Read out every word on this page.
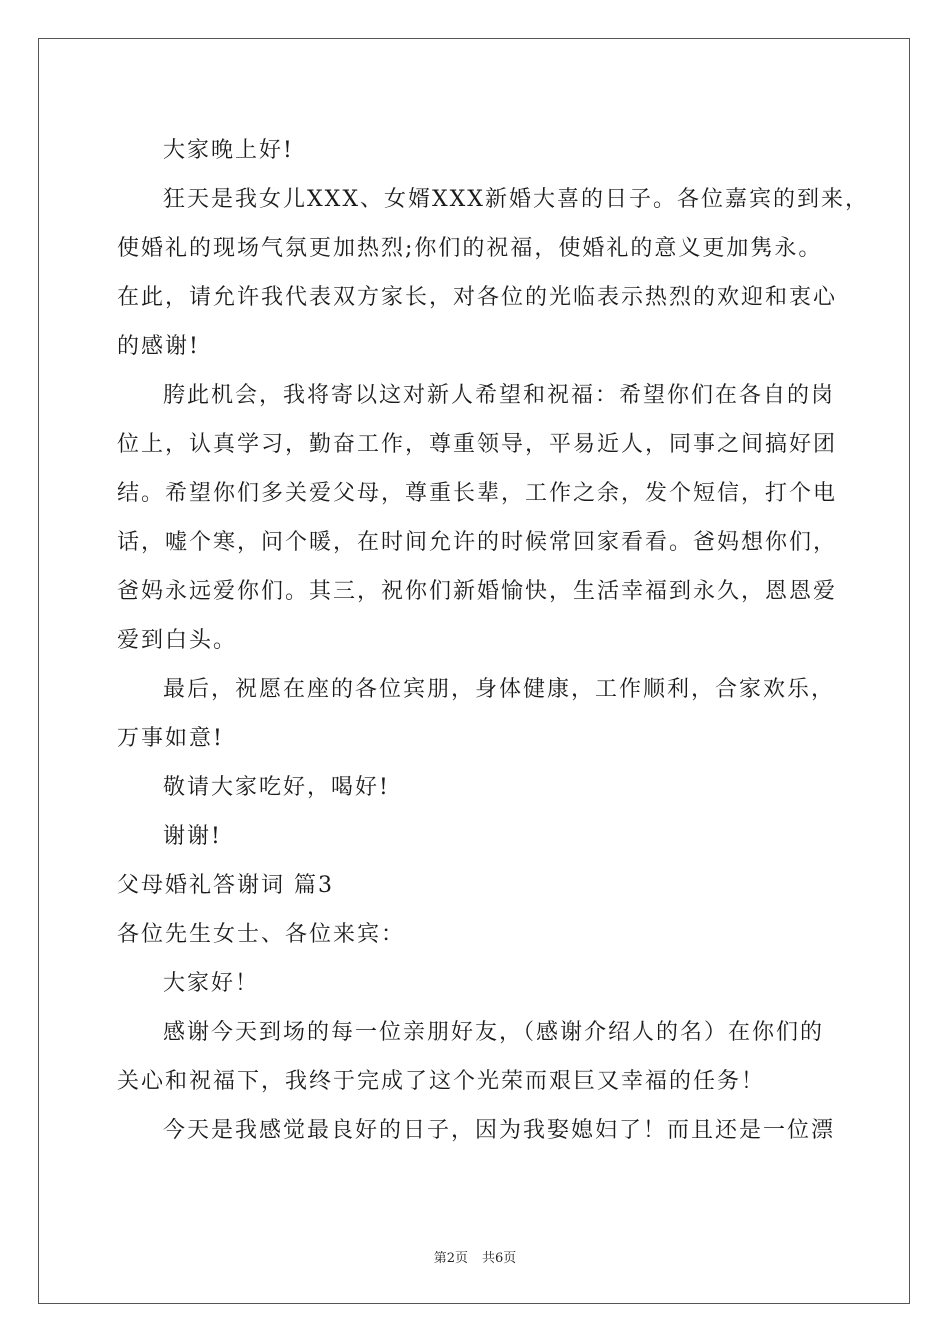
大家晚上好!
狂天是我女儿XXX、女婿XXX新婚大喜的日子。各位嘉宾的到来，
使婚礼的现场气氛更加热烈;你们的祝福，使婚礼的意义更加隽永。
在此，请允许我代表双方家长，对各位的光临表示热烈的欢迎和衷心
的感谢!
胯此机会，我将寄以这对新人希望和祝福：希望你们在各自的岗
位上，认真学习，勤奋工作，尊重领导，平易近人，同事之间搞好团
结。希望你们多关爱父母，尊重长辈，工作之余，发个短信，打个电
话，嘘个寒，问个暖，在时间允许的时候常回家看看。爸妈想你们，
爸妈永远爱你们。其三，祝你们新婚愉快，生活幸福到永久，恩恩爱
爱到白头。
最后，祝愿在座的各位宾朋，身体健康，工作顺利，合家欢乐，
万事如意!
敬请大家吃好，喝好!
谢谢!
父母婚礼答谢词 篇3
各位先生女士、各位来宾：
大家好！
感谢今天到场的每一位亲朋好友，（感谢介绍人的名）在你们的
关心和祝福下，我终于完成了这个光荣而艰巨又幸福的任务！
今天是我感觉最良好的日子，因为我娶媳妇了！而且还是一位漂
第2页 共6页
